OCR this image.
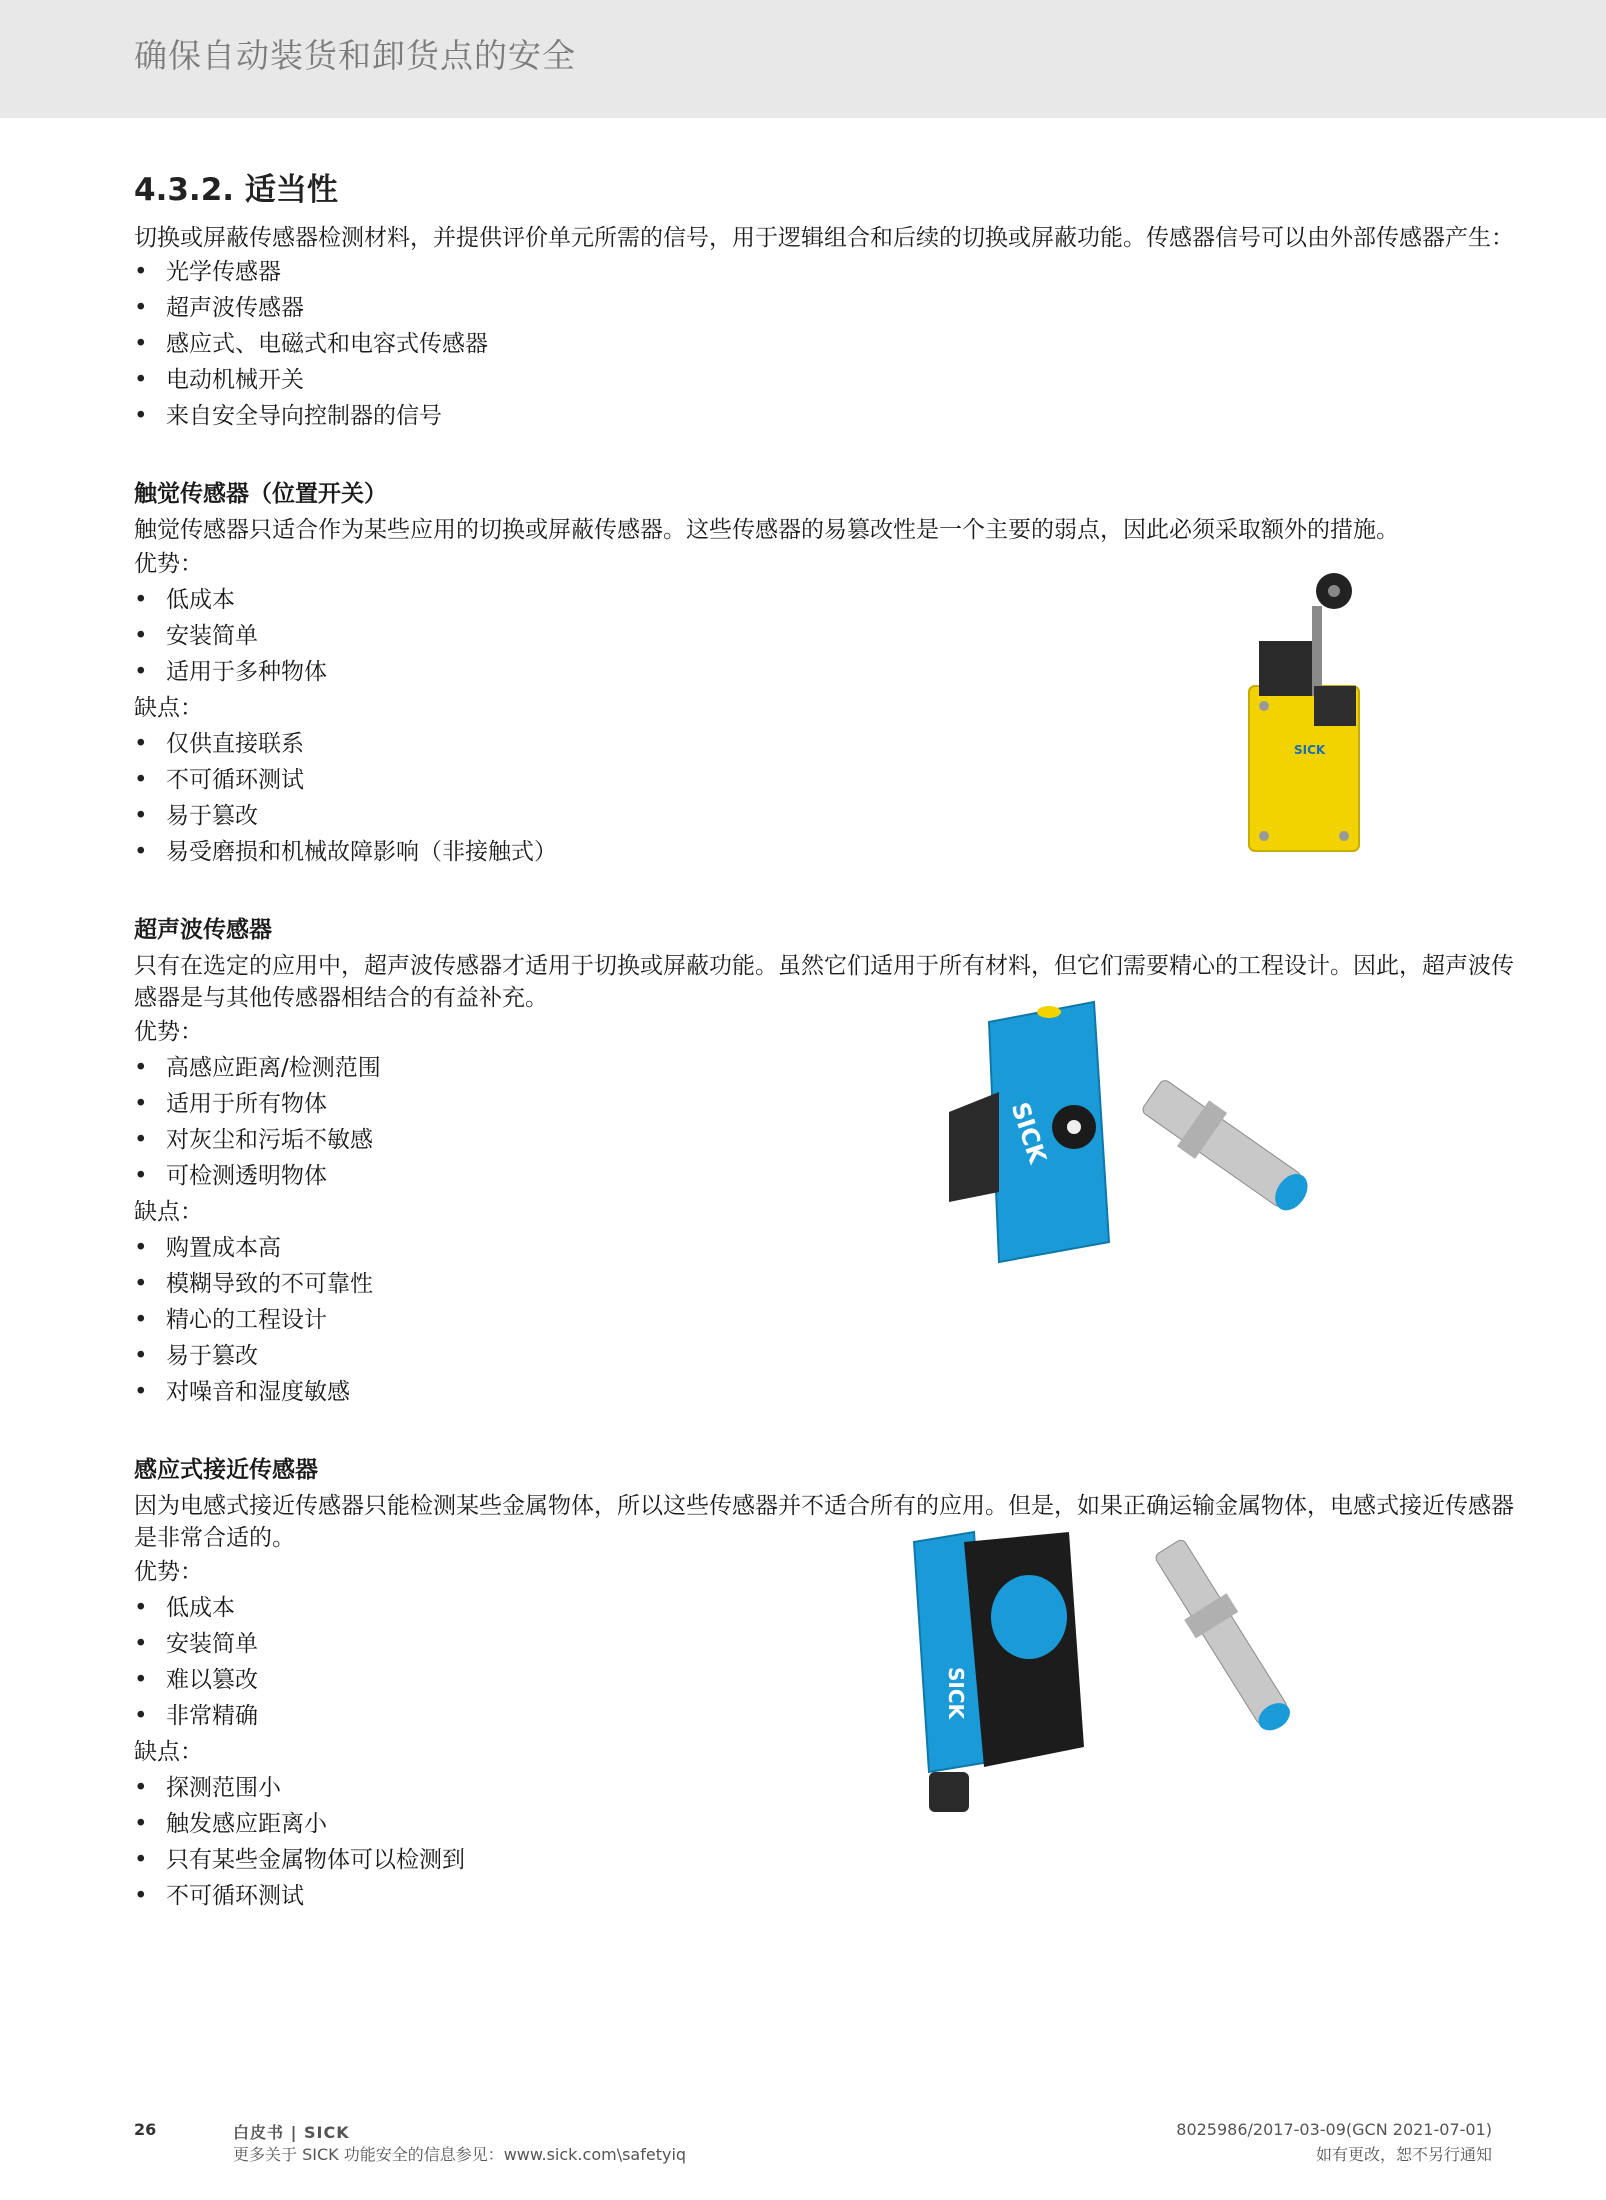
确保自动装货和卸货点的安全
4.3.2. 适当性

切换或屏蔽传感器检测材料，并提供评价单元所需的信号，用于逻辑组合和后续的切换或屏蔽功能。传感器信号可以由外部传感器产生：

• 光学传感器
• 超声波传感器
• 感应式、电磁式和电容式传感器
• 电动机械开关
• 来自安全导向控制器的信号
触觉传感器（位置开关）

触觉传感器只适合作为某些应用的切换或屏蔽传感器。这些传感器的易篡改性是一个主要的弱点，因此必须采取额外的措施。

优势：

• 低成本
• 安装简单
• 适用于多种物体

缺点：

• 仅供直接联系
• 不可循环测试
• 易于篡改
• 易受磨损和机械故障影响（非接触式）
SICK
超声波传感器

只有在选定的应用中，超声波传感器才适用于切换或屏蔽功能。虽然它们适用于所有材料，但它们需要精心的工程设计。因此，超声波传感器是与其他传感器相结合的有益补充。

优势：

• 高感应距离/检测范围
• 适用于所有物体
• 对灰尘和污垢不敏感
• 可检测透明物体

缺点：

• 购置成本高
• 模糊导致的不可靠性
• 精心的工程设计
• 易于篡改
• 对噪音和湿度敏感
SICK
感应式接近传感器

因为电感式接近传感器只能检测某些金属物体，所以这些传感器并不适合所有的应用。但是，如果正确运输金属物体，电感式接近传感器是非常合适的。

优势：

• 低成本
• 安装简单
• 难以篡改
• 非常精确

缺点：

• 探测范围小
• 触发感应距离小
• 只有某些金属物体可以检测到
• 不可循环测试
SICK
26	白皮书 | SICK
更多关于 SICK 功能安全的信息参见：www.sick.com\safetyiq
8025986/2017-03-09(GCN 2021-07-01)
如有更改，恕不另行通知
